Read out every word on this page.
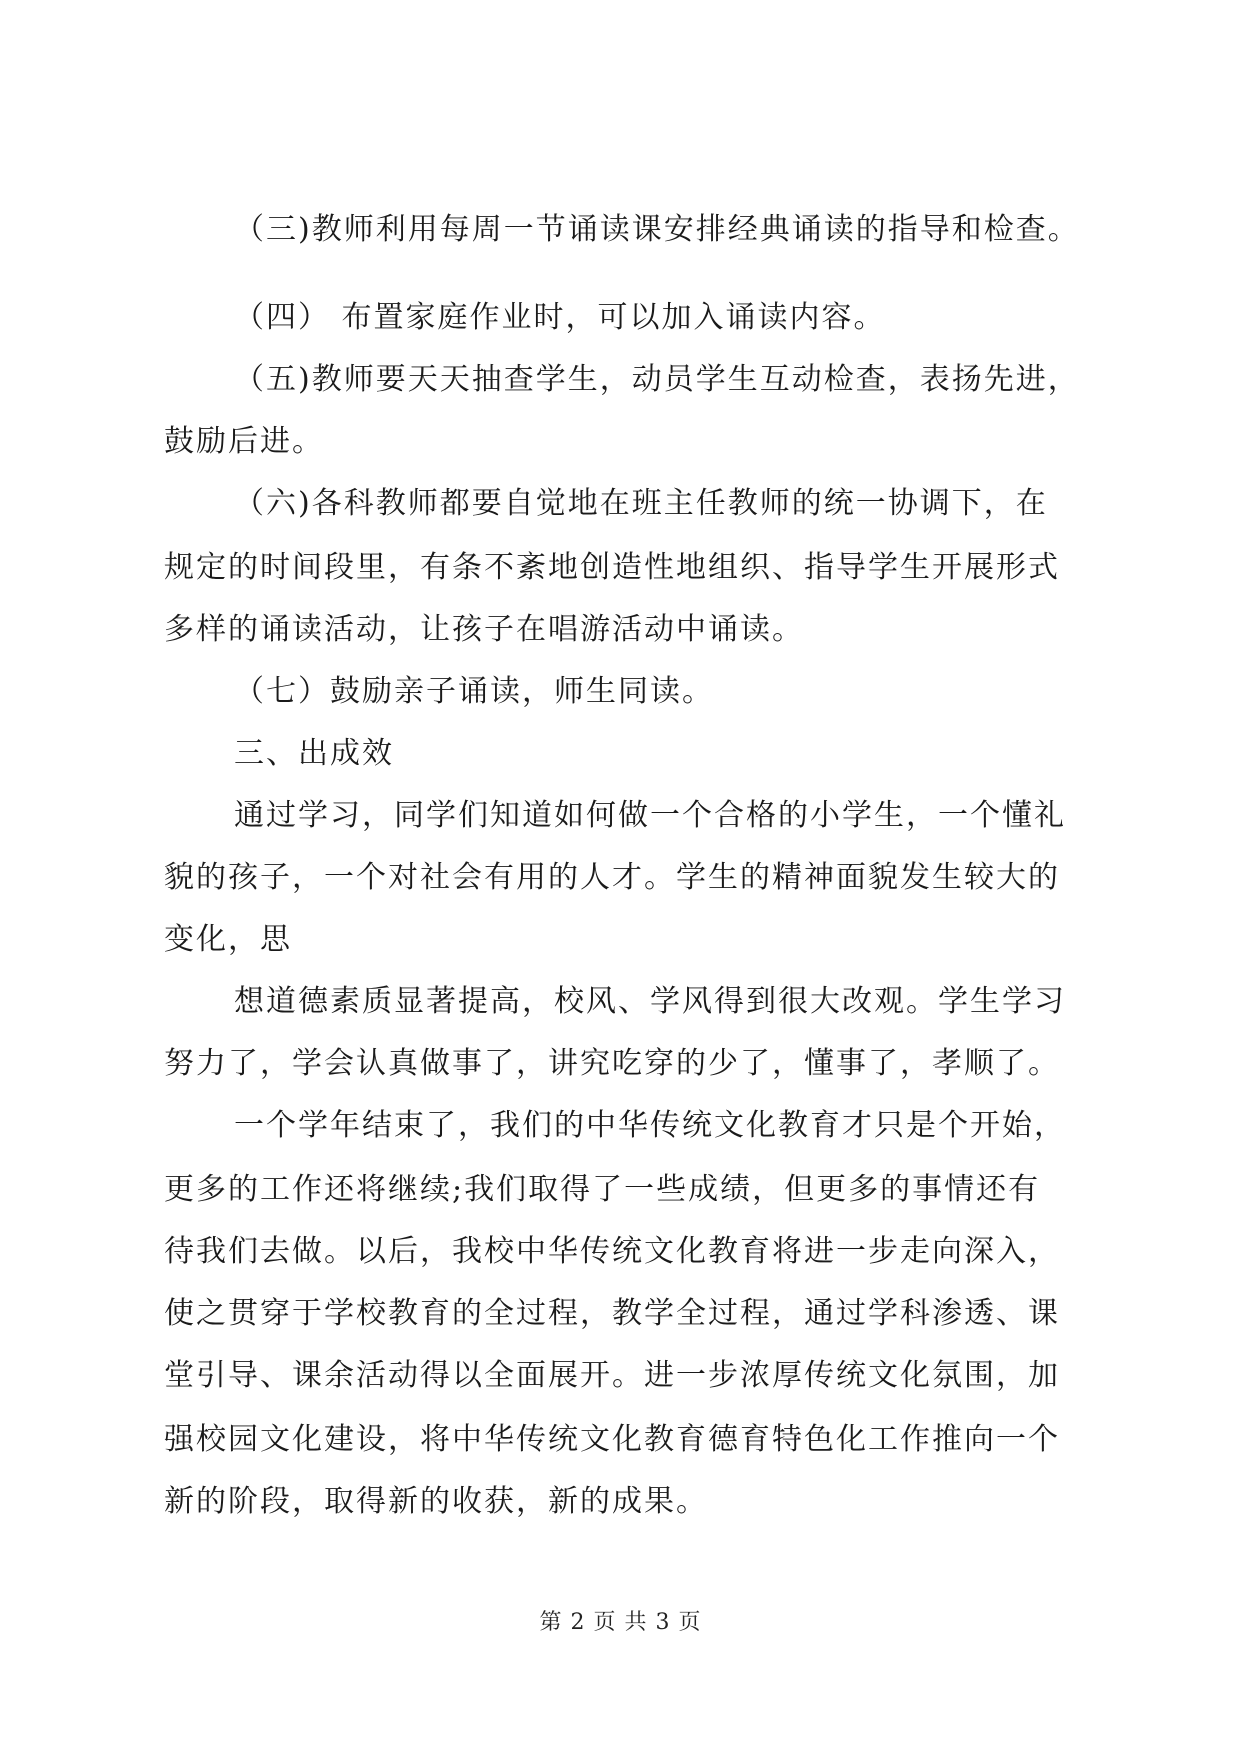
（三)教师利用每周一节诵读课安排经典诵读的指导和检查。
（四） 布置家庭作业时，可以加入诵读内容。
（五)教师要天天抽查学生，动员学生互动检查，表扬先进，
鼓励后进。
（六)各科教师都要自觉地在班主任教师的统一协调下，在
规定的时间段里，有条不紊地创造性地组织、指导学生开展形式
多样的诵读活动，让孩子在唱游活动中诵读。
（七）鼓励亲子诵读，师生同读。
三、出成效
通过学习，同学们知道如何做一个合格的小学生，一个懂礼
貌的孩子，一个对社会有用的人才。学生的精神面貌发生较大的
变化，思
想道德素质显著提高，校风、学风得到很大改观。学生学习
努力了，学会认真做事了，讲究吃穿的少了，懂事了，孝顺了。
一个学年结束了，我们的中华传统文化教育才只是个开始，
更多的工作还将继续;我们取得了一些成绩，但更多的事情还有
待我们去做。以后，我校中华传统文化教育将进一步走向深入，
使之贯穿于学校教育的全过程，教学全过程，通过学科渗透、课
堂引导、课余活动得以全面展开。进一步浓厚传统文化氛围，加
强校园文化建设，将中华传统文化教育德育特色化工作推向一个
新的阶段，取得新的收获，新的成果。
第 2 页 共 3 页
